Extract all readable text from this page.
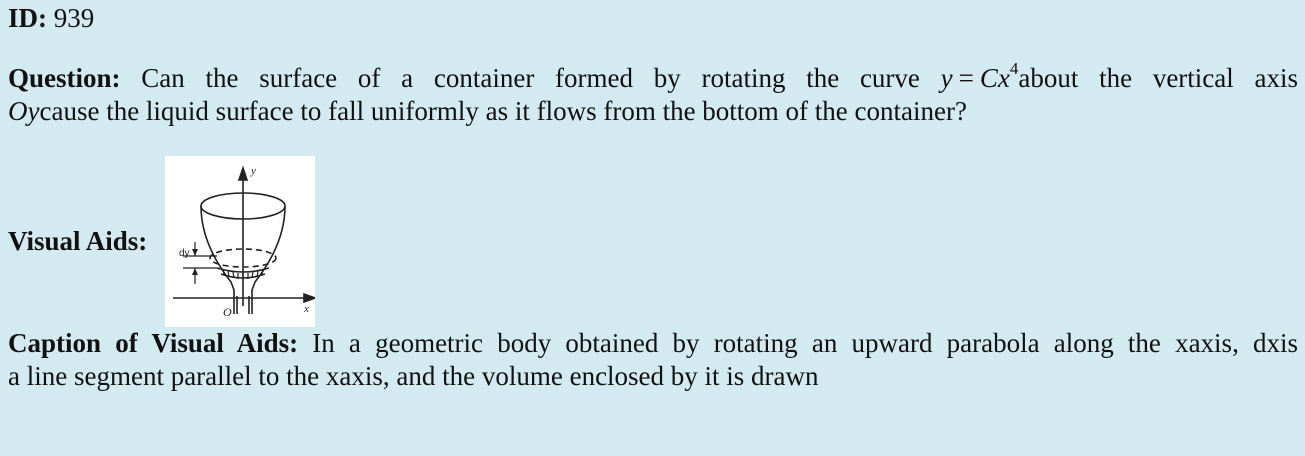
ID: 939
Question: Can the surface of a container formed by rotating the curve $y = Cx^4about$ the vertical axis
Oycause the liquid surface to fall uniformly as it flows from the bottom of the container?
Visual Aids:
y
x
O
dy
Caption of Visual Aids: In a geometric body obtained by rotating an upward parabola along the xaxis, dxis
a line segment parallel to the xaxis, and the volume enclosed by it is drawn
